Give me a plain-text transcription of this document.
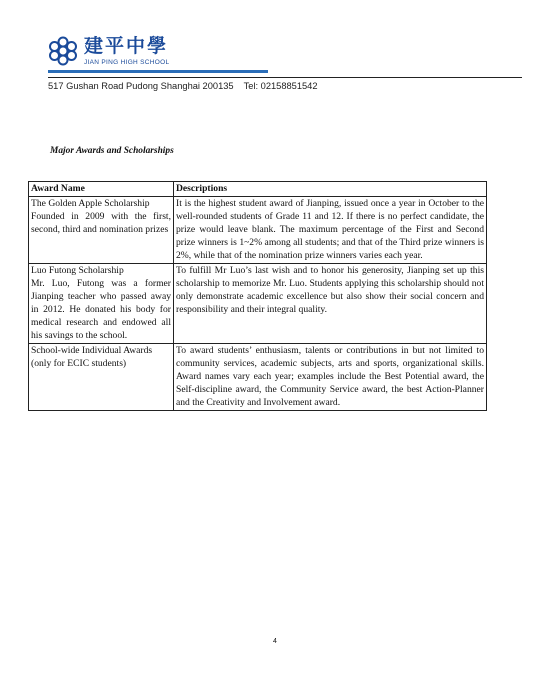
建平中學
JIAN PING HIGH SCHOOL
517 Gushan Road Pudong Shanghai 200135 Tel: 02158851542
Major Awards and Scholarships
Award Name	Descriptions

The Golden Apple Scholarship
Founded in 2009 with the first, second, third and nomination prizes	It is the highest student award of Jianping, issued once a year in October to the well-rounded students of Grade 11 and 12. If there is no perfect candidate, the prize would leave blank. The maximum percentage of the First and Second prize winners is 1~2% among all students; and that of the Third prize winners is 2%, while that of the nomination prize winners varies each year.

Luo Futong Scholarship
Mr. Luo, Futong was a former Jianping teacher who passed away in 2012. He donated his body for medical research and endowed all his savings to the school.	To fulfill Mr Luo’s last wish and to honor his generosity, Jianping set up this scholarship to memorize Mr. Luo. Students applying this scholarship should not only demonstrate academic excellence but also show their social concern and responsibility and their integral quality.

School-wide Individual Awards
(only for ECIC students)	To award students’ enthusiasm, talents or contributions in but not limited to community services, academic subjects, arts and sports, organizational skills. Award names vary each year; examples include the Best Potential award, the Self-discipline award, the Community Service award, the best Action-Planner and the Creativity and Involvement award.
4
